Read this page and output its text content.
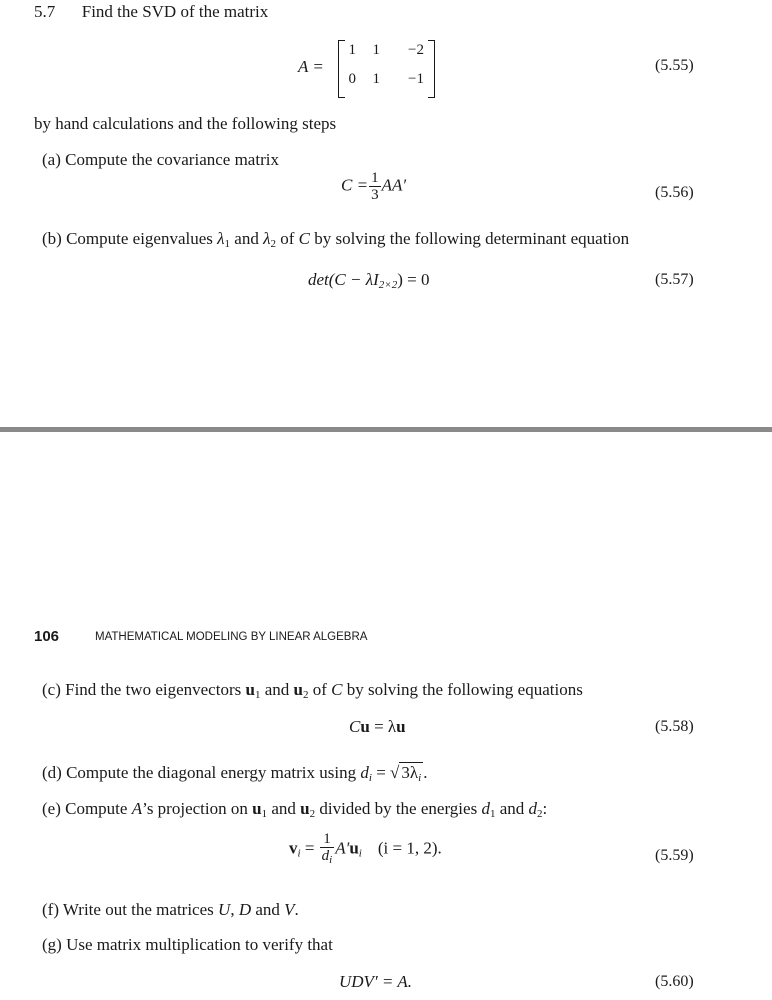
5.7 Find the SVD of the matrix
A =
1	1	−2
0	1	−1
(5.55)
by hand calculations and the following steps
(a) Compute the covariance matrix
$C = \frac{1}{3} AA'$	(5.56)
(b) Compute eigenvalues $\lambda_1$ and $\lambda_2$ of C by solving the following determinant equation
$\det(C - \lambda I_{2\times 2}) = 0$	(5.57)
106	MATHEMATICAL MODELING BY LINEAR ALGEBRA
(c) Find the two eigenvectors $u_1$ and $u_2$ of C by solving the following equations
Cu = λu	(5.58)
(d) Compute the diagonal energy matrix using $d_i$ = √ $3\lambda_i$ .
(e) Compute A’s projection on $u_1$ and $u_2$ divided by the energies $d_1$ and $d_2$:
$v_i = \frac{1}{d_i} A'u_i$ (i = 1, 2).	(5.59)
(f) Write out the matrices U, D and V.
(g) Use matrix multiplication to verify that
UDV′ = A.	(5.60)
